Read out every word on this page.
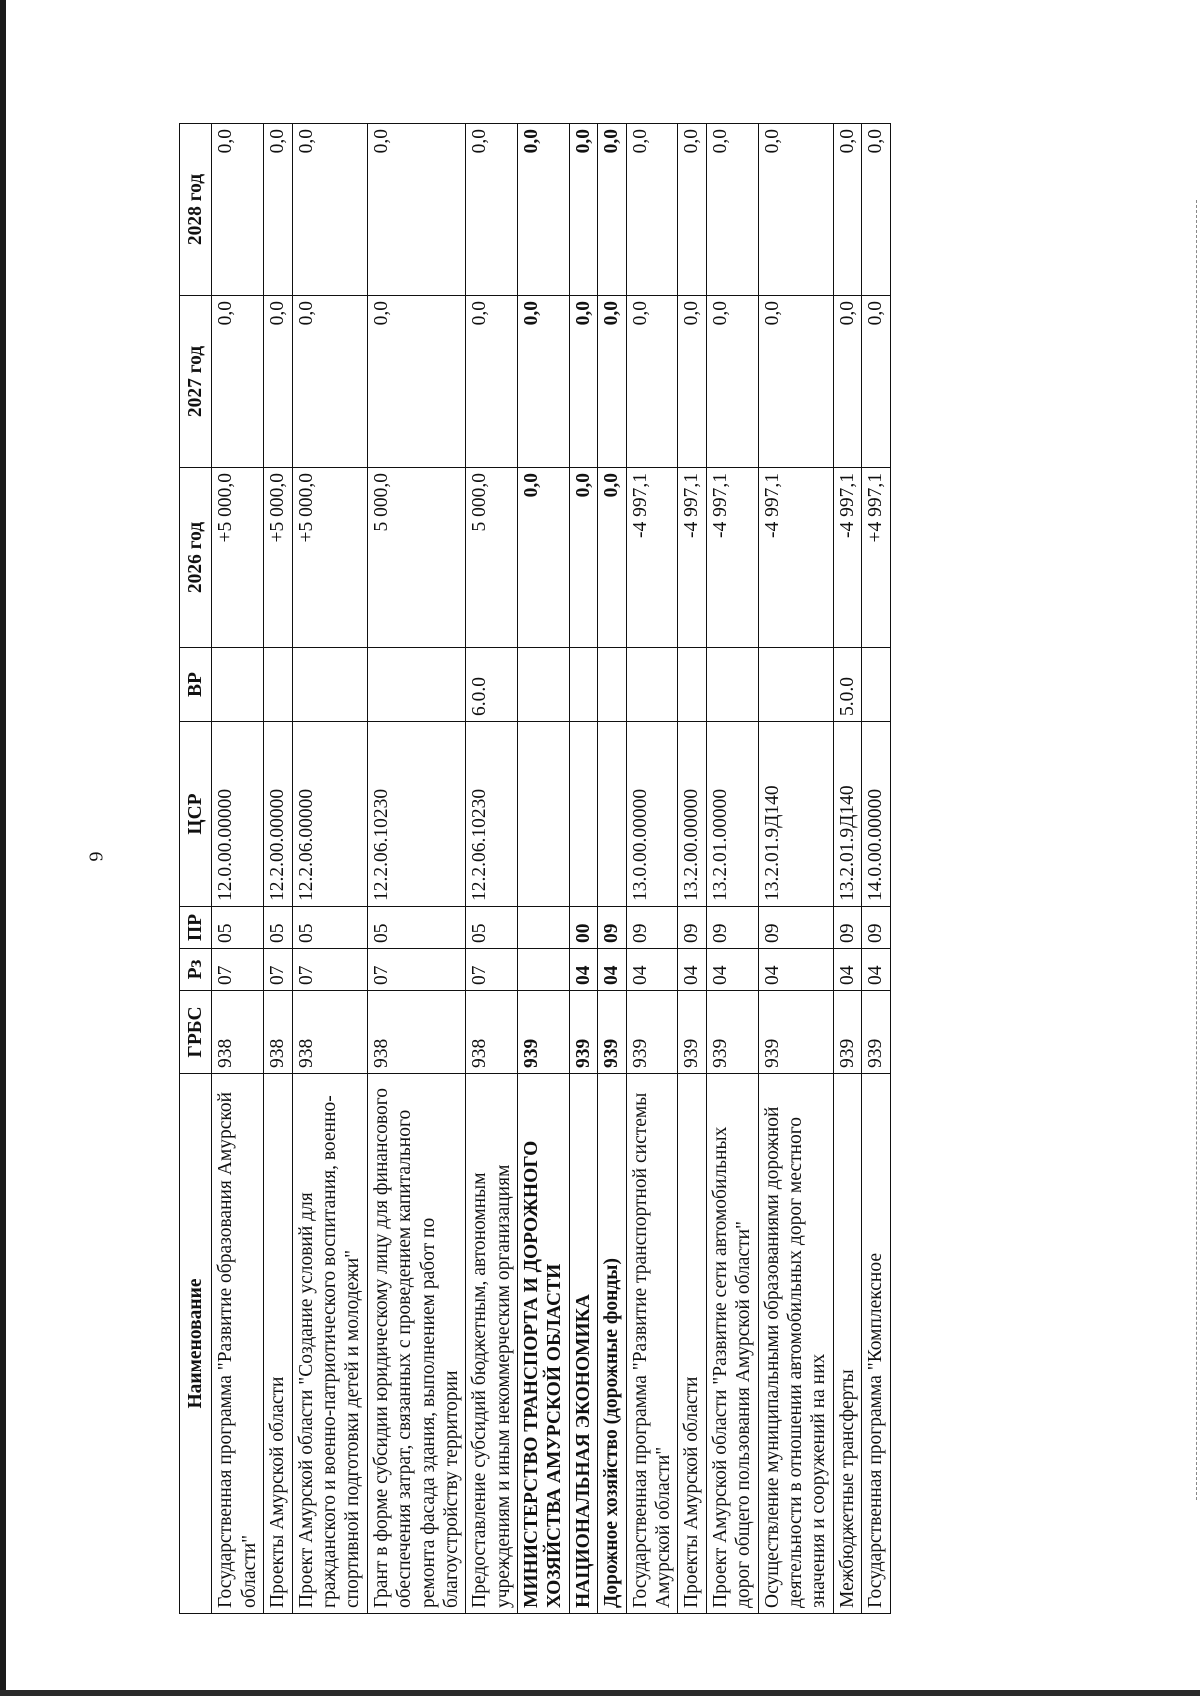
6
Наименование	ГРБС	Рз	ПР	ЦСР	ВР	2026 год	2027 год	2028 год
Государственная программа "Развитие образования Амурской области"	938	07	05	12.0.00.00000		+5 000,0	0,0	0,0
Проекты Амурской области	938	07	05	12.2.00.00000		+5 000,0	0,0	0,0
Проект Амурской области "Создание условий для гражданского и военно-патриотического воспитания, военно-спортивной подготовки детей и молодежи"	938	07	05	12.2.06.00000		+5 000,0	0,0	0,0
Грант в форме субсидии юридическому лицу для финансового обеспечения затрат, связанных с проведением капитального ремонта фасада здания, выполнением работ по благоустройству территории	938	07	05	12.2.06.10230		5 000,0	0,0	0,0
Предоставление субсидий бюджетным, автономным учреждениям и иным некоммерческим организациям	938	07	05	12.2.06.10230	6.0.0	5 000,0	0,0	0,0
МИНИСТЕРСТВО ТРАНСПОРТА И ДОРОЖНОГО ХОЗЯЙСТВА АМУРСКОЙ ОБЛАСТИ	939					0,0	0,0	0,0
НАЦИОНАЛЬНАЯ ЭКОНОМИКА	939	04	00			0,0	0,0	0,0
Дорожное хозяйство (дорожные фонды)	939	04	09			0,0	0,0	0,0
Государственная программа "Развитие транспортной системы Амурской области"	939	04	09	13.0.00.00000		-4 997,1	0,0	0,0
Проекты Амурской области	939	04	09	13.2.00.00000		-4 997,1	0,0	0,0
Проект Амурской области "Развитие сети автомобильных дорог общего пользования Амурской области"	939	04	09	13.2.01.00000		-4 997,1	0,0	0,0
Осуществление муниципальными образованиями дорожной деятельности в отношении автомобильных дорог местного значения и сооружений на них	939	04	09	13.2.01.9Д140		-4 997,1	0,0	0,0
Межбюджетные трансферты	939	04	09	13.2.01.9Д140	5.0.0	-4 997,1	0,0	0,0
Государственная программа "Комплексное	939	04	09	14.0.00.00000		+4 997,1	0,0	0,0
